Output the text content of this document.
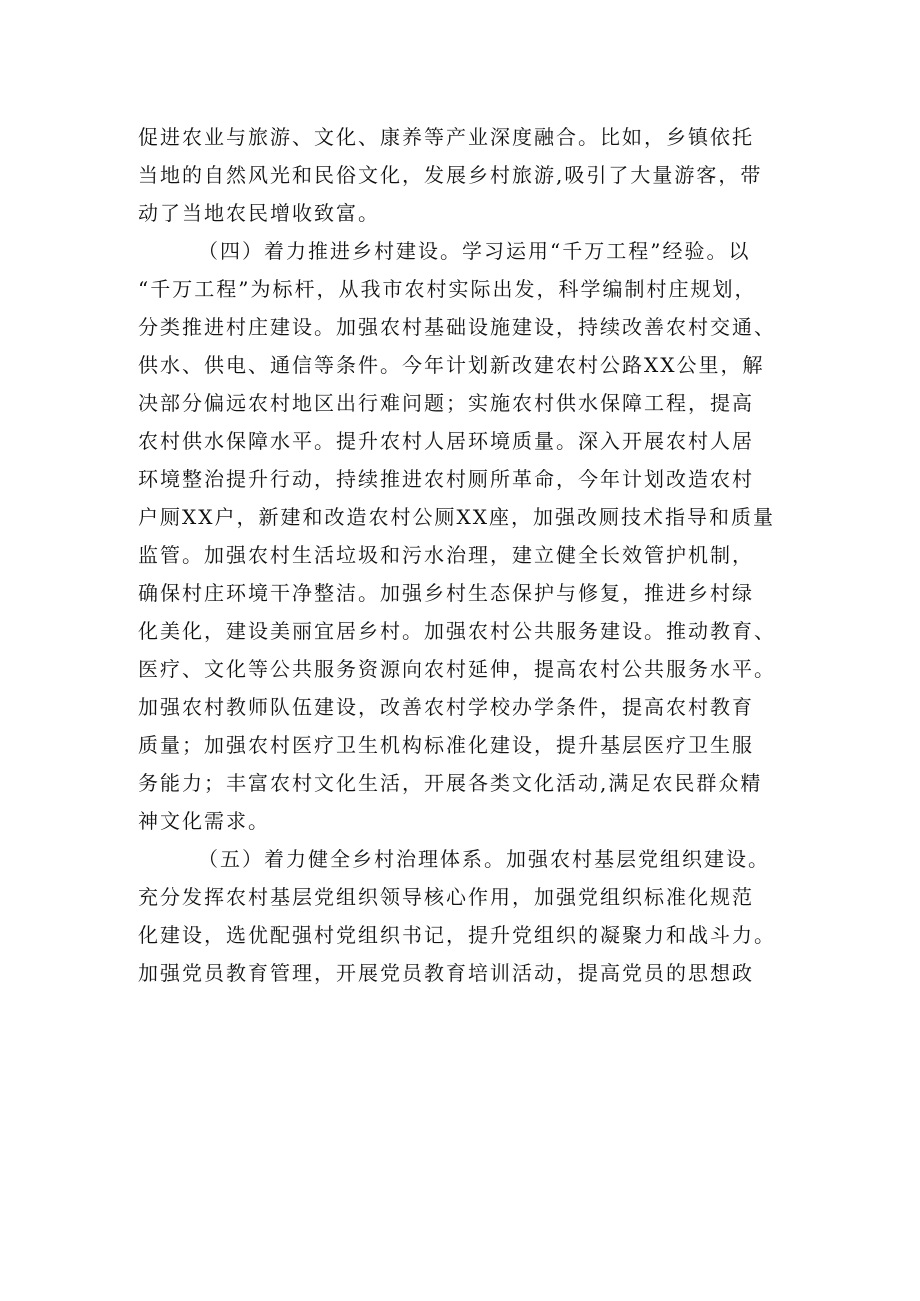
促进农业与旅游、文化、康养等产业深度融合。比如，乡镇依托
当地的自然风光和民俗文化，发展乡村旅游,吸引了大量游客，带
动了当地农民增收致富。
（四）着力推进乡村建设。学习运用“千万工程”经验。以
“千万工程”为标杆，从我市农村实际出发，科学编制村庄规划，
分类推进村庄建设。加强农村基础设施建设，持续改善农村交通、
供水、供电、通信等条件。今年计划新改建农村公路XX公里，解
决部分偏远农村地区出行难问题；实施农村供水保障工程，提高
农村供水保障水平。提升农村人居环境质量。深入开展农村人居
环境整治提升行动，持续推进农村厕所革命，今年计划改造农村
户厕XX户，新建和改造农村公厕XX座，加强改厕技术指导和质量
监管。加强农村生活垃圾和污水治理，建立健全长效管护机制，
确保村庄环境干净整洁。加强乡村生态保护与修复，推进乡村绿
化美化，建设美丽宜居乡村。加强农村公共服务建设。推动教育、
医疗、文化等公共服务资源向农村延伸，提高农村公共服务水平。
加强农村教师队伍建设，改善农村学校办学条件，提高农村教育
质量；加强农村医疗卫生机构标准化建设，提升基层医疗卫生服
务能力；丰富农村文化生活，开展各类文化活动,满足农民群众精
神文化需求。
（五）着力健全乡村治理体系。加强农村基层党组织建设。
充分发挥农村基层党组织领导核心作用，加强党组织标准化规范
化建设，选优配强村党组织书记，提升党组织的凝聚力和战斗力。
加强党员教育管理，开展党员教育培训活动，提高党员的思想政
